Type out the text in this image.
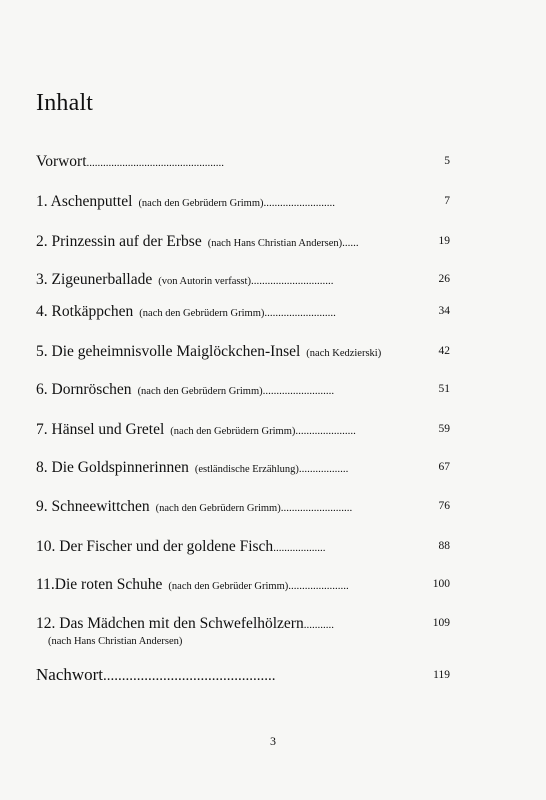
Inhalt
Vorwort..................................................	5
1. Aschenputtel (nach den Gebrüdern Grimm)..........................	7
2. Prinzessin auf der Erbse (nach Hans Christian Andersen)......	19
3. Zigeunerballade (von Autorin verfasst)..............................	26
4. Rotkäppchen (nach den Gebrüdern Grimm)..........................	34
5. Die geheimnisvolle Maiglöckchen-Insel (nach Kedzierski)	42
6. Dornröschen (nach den Gebrüdern Grimm)..........................	51
7. Hänsel und Gretel (nach den Gebrüdern Grimm)......................	59
8. Die Goldspinnerinnen (estländische Erzählung)..................	67
9. Schneewittchen (nach den Gebrüdern Grimm)..........................	76
10. Der Fischer und der goldene Fisch...................	88
11.Die roten Schuhe (nach den Gebrüder Grimm)......................	100
12. Das Mädchen mit den Schwefelhölzern...........	109
(nach Hans Christian Andersen)
Nachwort..............................................	119
3
